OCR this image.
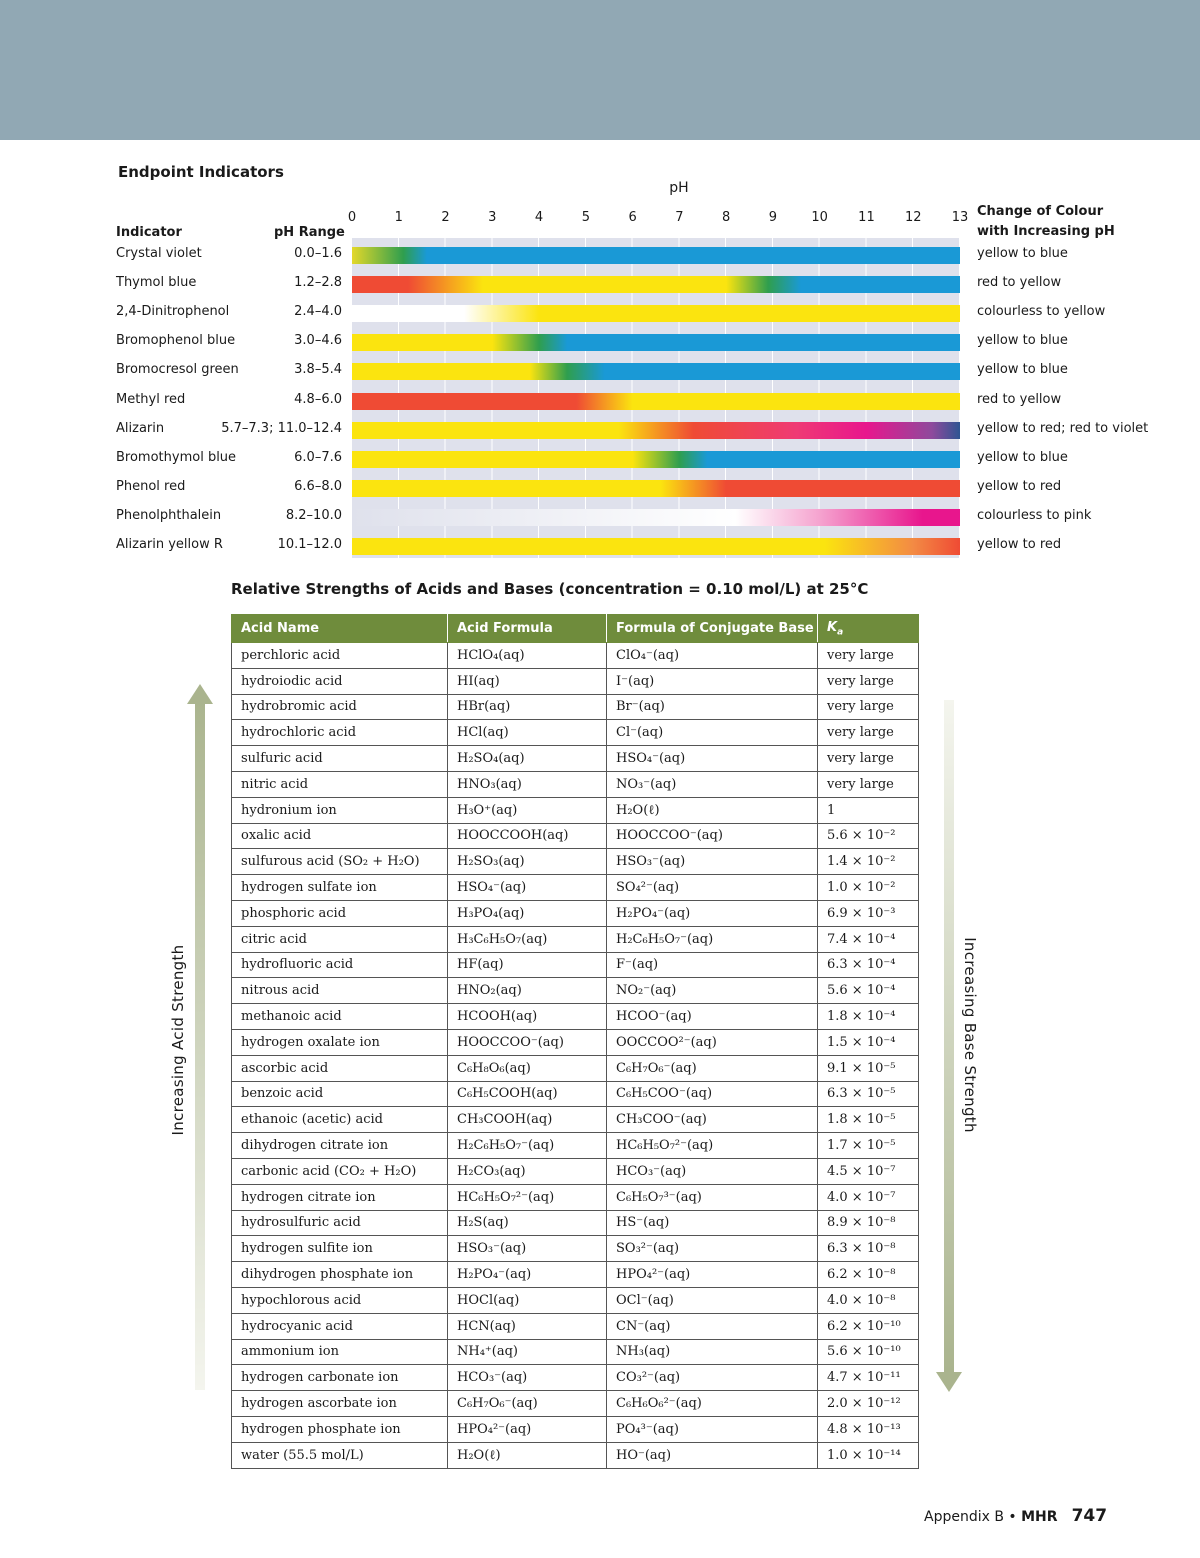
Endpoint Indicators
pH
0	1	2	3	4	5	6	7	8	9	10	11	12	13
Indicator	pH Range
Change of Colour
with Increasing pH
Crystal violet	0.0–1.6	yellow to blue
Thymol blue	1.2–2.8	red to yellow
2,4-Dinitrophenol	2.4–4.0	colourless to yellow
Bromophenol blue	3.0–4.6	yellow to blue
Bromocresol green	3.8–5.4	yellow to blue
Methyl red	4.8–6.0	red to yellow
Alizarin	5.7–7.3; 11.0–12.4	yellow to red; red to violet
Bromothymol blue	6.0–7.6	yellow to blue
Phenol red	6.6–8.0	yellow to red
Phenolphthalein	8.2–10.0	colourless to pink
Alizarin yellow R	10.1–12.0	yellow to red
Relative Strengths of Acids and Bases (concentration = 0.10 mol/L) at 25°C
Increasing Acid Strength
Acid Name	Acid Formula	Formula of Conjugate Base	$K_a$
perchloric acid	HClO₄(aq)	ClO₄⁻(aq)	very large
hydroiodic acid	HI(aq)	I⁻(aq)	very large
hydrobromic acid	HBr(aq)	Br⁻(aq)	very large
hydrochloric acid	HCl(aq)	Cl⁻(aq)	very large
sulfuric acid	H₂SO₄(aq)	HSO₄⁻(aq)	very large
nitric acid	HNO₃(aq)	NO₃⁻(aq)	very large
hydronium ion	H₃O⁺(aq)	H₂O(ℓ)	1
oxalic acid	HOOCCOOH(aq)	HOOCCOO⁻(aq)	5.6 × 10⁻²
sulfurous acid (SO₂ + H₂O)	H₂SO₃(aq)	HSO₃⁻(aq)	1.4 × 10⁻²
hydrogen sulfate ion	HSO₄⁻(aq)	SO₄²⁻(aq)	1.0 × 10⁻²
phosphoric acid	H₃PO₄(aq)	H₂PO₄⁻(aq)	6.9 × 10⁻³
citric acid	H₃C₆H₅O₇(aq)	H₂C₆H₅O₇⁻(aq)	7.4 × 10⁻⁴
hydrofluoric acid	HF(aq)	F⁻(aq)	6.3 × 10⁻⁴
nitrous acid	HNO₂(aq)	NO₂⁻(aq)	5.6 × 10⁻⁴
methanoic acid	HCOOH(aq)	HCOO⁻(aq)	1.8 × 10⁻⁴
hydrogen oxalate ion	HOOCCOO⁻(aq)	OOCCOO²⁻(aq)	1.5 × 10⁻⁴
ascorbic acid	C₆H₈O₆(aq)	C₆H₇O₆⁻(aq)	9.1 × 10⁻⁵
benzoic acid	C₆H₅COOH(aq)	C₆H₅COO⁻(aq)	6.3 × 10⁻⁵
ethanoic (acetic) acid	CH₃COOH(aq)	CH₃COO⁻(aq)	1.8 × 10⁻⁵
dihydrogen citrate ion	H₂C₆H₅O₇⁻(aq)	HC₆H₅O₇²⁻(aq)	1.7 × 10⁻⁵
carbonic acid (CO₂ + H₂O)	H₂CO₃(aq)	HCO₃⁻(aq)	4.5 × 10⁻⁷
hydrogen citrate ion	HC₆H₅O₇²⁻(aq)	C₆H₅O₇³⁻(aq)	4.0 × 10⁻⁷
hydrosulfuric acid	H₂S(aq)	HS⁻(aq)	8.9 × 10⁻⁸
hydrogen sulfite ion	HSO₃⁻(aq)	SO₃²⁻(aq)	6.3 × 10⁻⁸
dihydrogen phosphate ion	H₂PO₄⁻(aq)	HPO₄²⁻(aq)	6.2 × 10⁻⁸
hypochlorous acid	HOCl(aq)	OCl⁻(aq)	4.0 × 10⁻⁸
hydrocyanic acid	HCN(aq)	CN⁻(aq)	6.2 × 10⁻¹⁰
ammonium ion	NH₄⁺(aq)	NH₃(aq)	5.6 × 10⁻¹⁰
hydrogen carbonate ion	HCO₃⁻(aq)	CO₃²⁻(aq)	4.7 × 10⁻¹¹
hydrogen ascorbate ion	C₆H₇O₆⁻(aq)	C₆H₆O₆²⁻(aq)	2.0 × 10⁻¹²
hydrogen phosphate ion	HPO₄²⁻(aq)	PO₄³⁻(aq)	4.8 × 10⁻¹³
water (55.5 mol/L)	H₂O(ℓ)	HO⁻(aq)	1.0 × 10⁻¹⁴
Increasing Base Strength
Appendix B • MHR 747
